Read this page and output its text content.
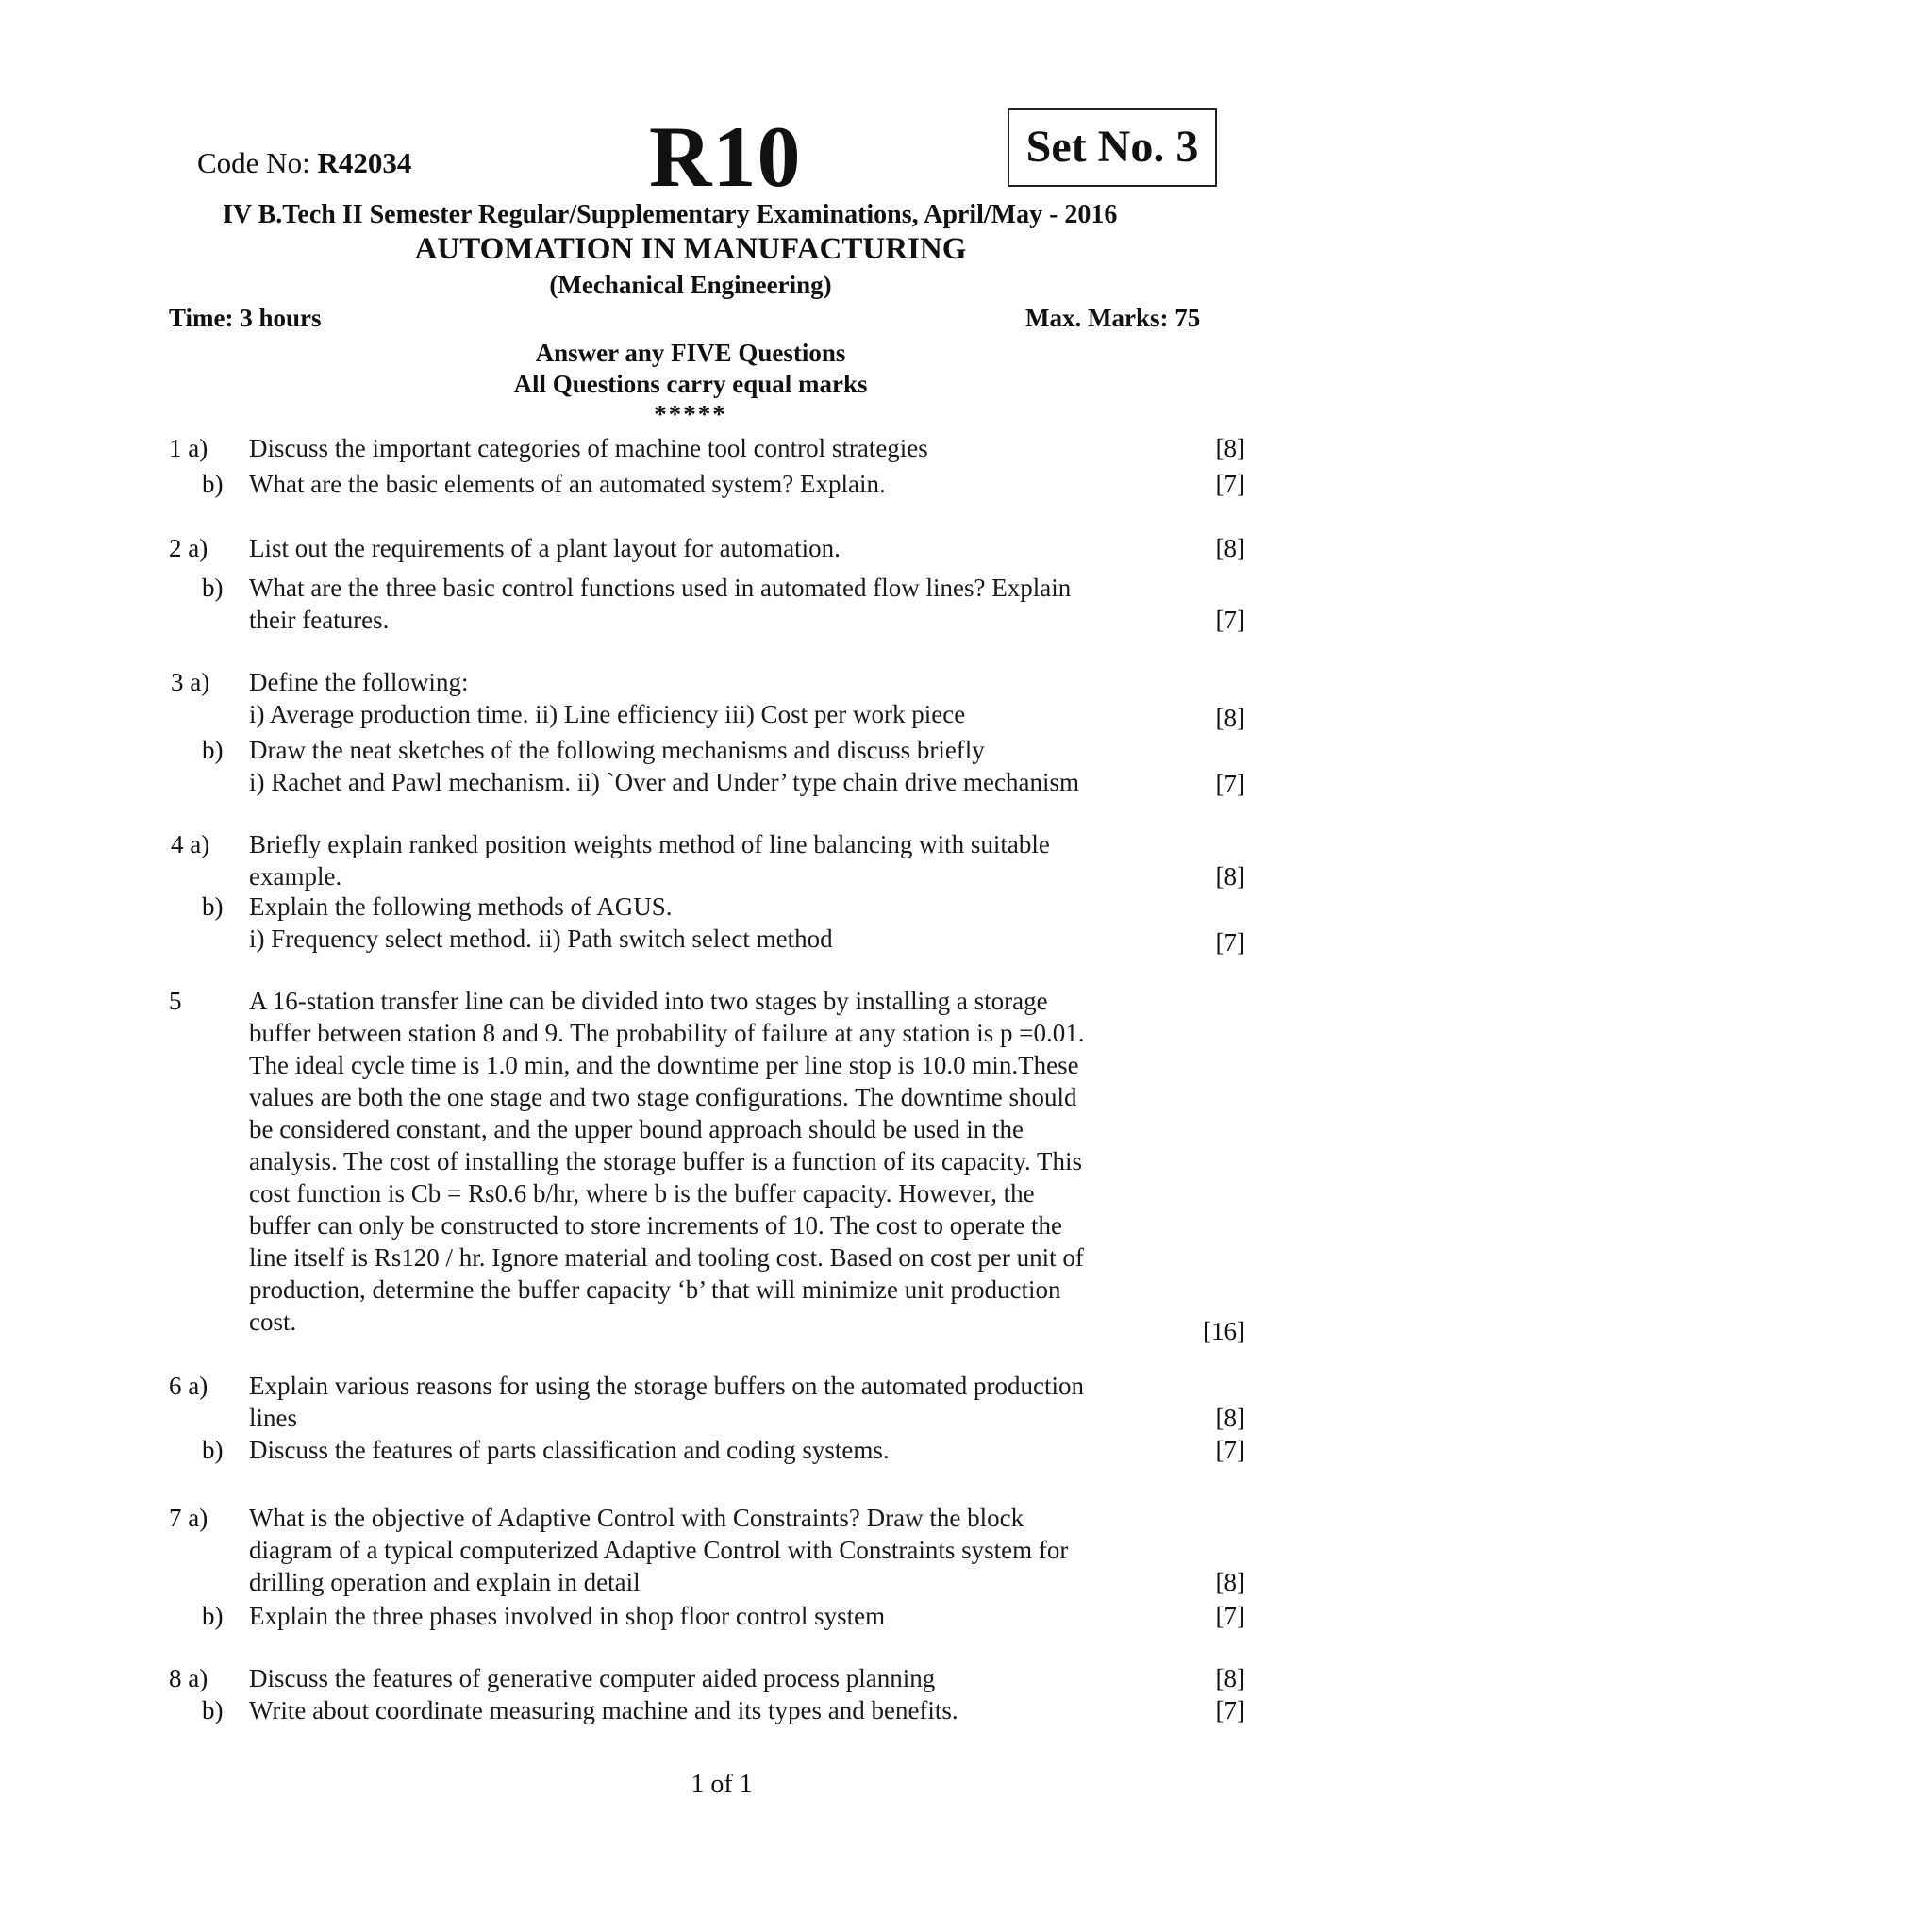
Code No: R42034	R10	Set No. 3
IV B.Tech II Semester Regular/Supplementary Examinations, April/May - 2016
AUTOMATION IN MANUFACTURING
(Mechanical Engineering)
Time: 3 hours	Max. Marks: 75
Answer any FIVE Questions
All Questions carry equal marks
*****
1 a) Discuss the important categories of machine tool control strategies	[8]
b) What are the basic elements of an automated system? Explain.	[7]
2 a) List out the requirements of a plant layout for automation.	[8]
b) What are the three basic control functions used in automated flow lines? Explain
their features.	[7]
3 a) Define the following:
i) Average production time. ii) Line efficiency iii) Cost per work piece	[8]
b) Draw the neat sketches of the following mechanisms and discuss briefly
i) Rachet and Pawl mechanism. ii) `Over and Under’ type chain drive mechanism	[7]
4 a) Briefly explain ranked position weights method of line balancing with suitable
example.	[8]
b) Explain the following methods of AGUS.
i) Frequency select method. ii) Path switch select method	[7]
5	A 16-station transfer line can be divided into two stages by installing a storage
buffer between station 8 and 9. The probability of failure at any station is p =0.01.
The ideal cycle time is 1.0 min, and the downtime per line stop is 10.0 min.These
values are both the one stage and two stage configurations. The downtime should
be considered constant, and the upper bound approach should be used in the
analysis. The cost of installing the storage buffer is a function of its capacity. This
cost function is Cb = Rs0.6 b/hr, where b is the buffer capacity. However, the
buffer can only be constructed to store increments of 10. The cost to operate the
line itself is Rs120 / hr. Ignore material and tooling cost. Based on cost per unit of
production, determine the buffer capacity ‘b’ that will minimize unit production
cost.	[16]
6 a) Explain various reasons for using the storage buffers on the automated production
lines	[8]
b) Discuss the features of parts classification and coding systems.	[7]
7 a) What is the objective of Adaptive Control with Constraints? Draw the block
diagram of a typical computerized Adaptive Control with Constraints system for
drilling operation and explain in detail	[8]
b) Explain the three phases involved in shop floor control system	[7]
8 a) Discuss the features of generative computer aided process planning	[8]
b) Write about coordinate measuring machine and its types and benefits.	[7]
1 of 1
